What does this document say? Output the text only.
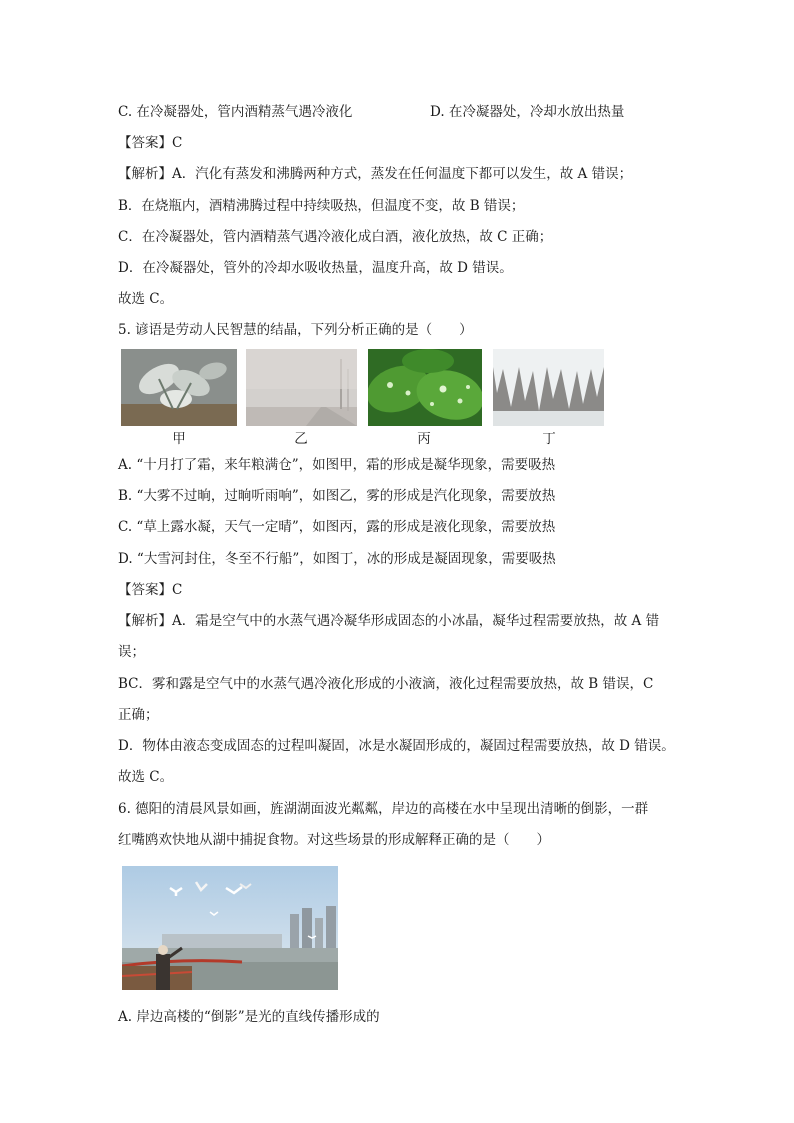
C. 在冷凝器处，管内酒精蒸气遇冷液化	D. 在冷凝器处，冷却水放出热量
【答案】C
【解析】A．汽化有蒸发和沸腾两种方式，蒸发在任何温度下都可以发生，故 A 错误；
B．在烧瓶内，酒精沸腾过程中持续吸热，但温度不变，故 B 错误；
C．在冷凝器处，管内酒精蒸气遇冷液化成白酒，液化放热，故 C 正确；
D．在冷凝器处，管外的冷却水吸收热量，温度升高，故 D 错误。
故选 C。
5. 谚语是劳动人民智慧的结晶，下列分析正确的是（　　）
甲	乙	丙	丁
A. “十月打了霜，来年粮满仓”，如图甲，霜的形成是凝华现象，需要吸热
B. “大雾不过晌，过晌听雨响”，如图乙，雾的形成是汽化现象，需要放热
C. “草上露水凝，天气一定晴”，如图丙，露的形成是液化现象，需要放热
D. “大雪河封住，冬至不行船”，如图丁，冰的形成是凝固现象，需要吸热
【答案】C
【解析】A．霜是空气中的水蒸气遇冷凝华形成固态的小冰晶，凝华过程需要放热，故 A 错
误；
BC．雾和露是空气中的水蒸气遇冷液化形成的小液滴，液化过程需要放热，故 B 错误，C
正确；
D．物体由液态变成固态的过程叫凝固，冰是水凝固形成的，凝固过程需要放热，故 D 错误。
故选 C。
6. 德阳的清晨风景如画，旌湖湖面波光粼粼，岸边的高楼在水中呈现出清晰的倒影，一群
红嘴鸥欢快地从湖中捕捉食物。对这些场景的形成解释正确的是（　　）
A. 岸边高楼的“倒影”是光的直线传播形成的
